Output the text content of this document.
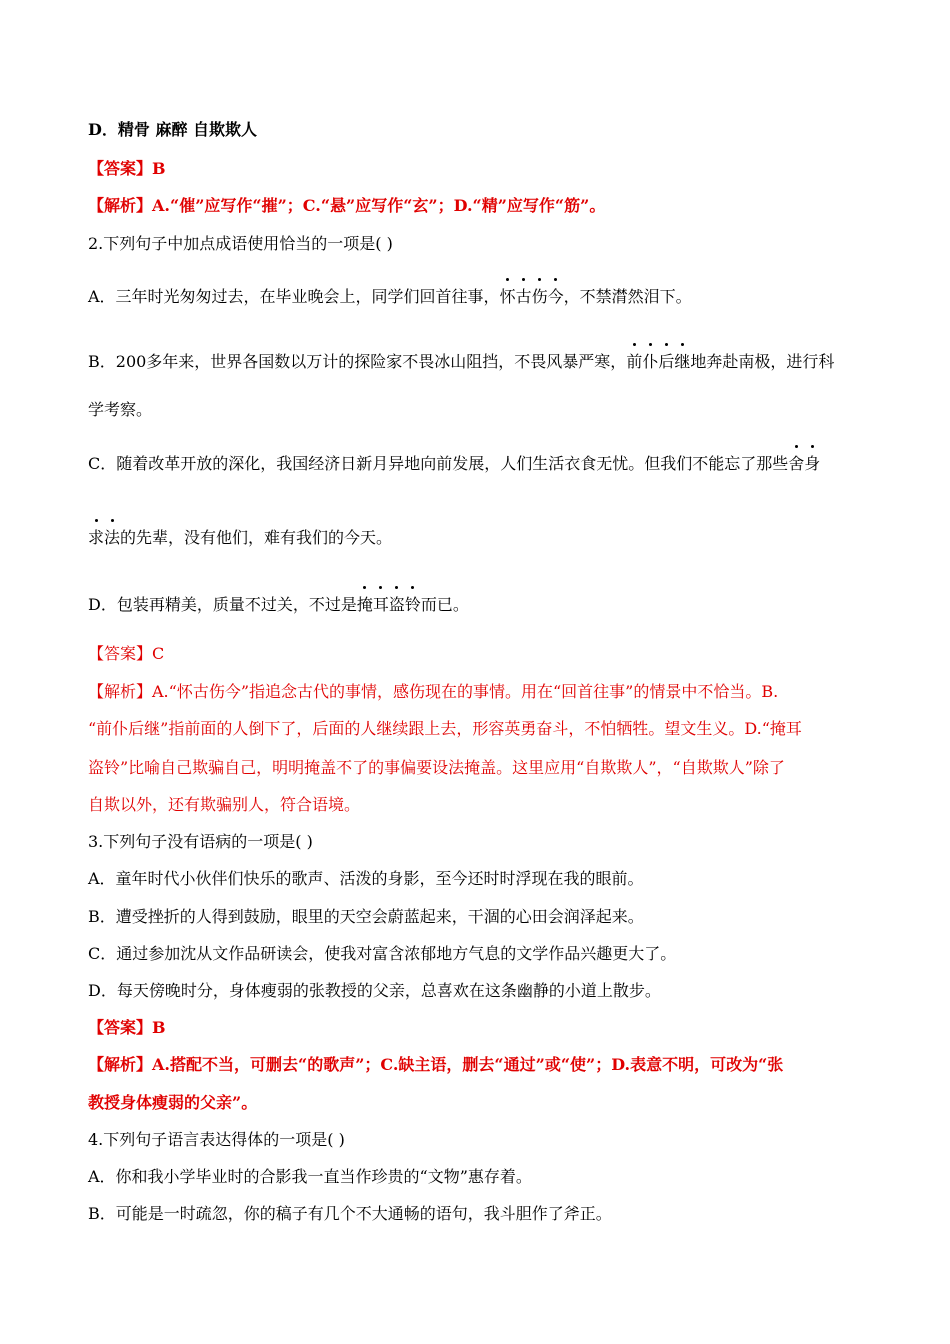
D．精骨 麻醉 自欺欺人
【答案】B
【解析】A.“催”应写作“摧”；C.“悬”应写作“玄”；D.“精”应写作“筋”。
2.下列句子中加点成语使用恰当的一项是( )
A．三年时光匆匆过去，在毕业晚会上，同学们回首往事，怀古伤今，不禁潸然泪下。
B．200多年来，世界各国数以万计的探险家不畏冰山阻挡，不畏风暴严寒，前仆后继地奔赴南极，进行科
学考察。
C．随着改革开放的深化，我国经济日新月异地向前发展，人们生活衣食无忧。但我们不能忘了那些舍身
求法的先辈，没有他们，难有我们的今天。
D．包装再精美，质量不过关，不过是掩耳盗铃而已。
【答案】C
【解析】A.“怀古伤今”指追念古代的事情，感伤现在的事情。用在“回首往事”的情景中不恰当。B.
“前仆后继”指前面的人倒下了，后面的人继续跟上去，形容英勇奋斗，不怕牺牲。望文生义。D.“掩耳
盗铃”比喻自己欺骗自己，明明掩盖不了的事偏要设法掩盖。这里应用“自欺欺人”，“自欺欺人”除了
自欺以外，还有欺骗别人，符合语境。
3.下列句子没有语病的一项是( )
A．童年时代小伙伴们快乐的歌声、活泼的身影，至今还时时浮现在我的眼前。
B．遭受挫折的人得到鼓励，眼里的天空会蔚蓝起来，干涸的心田会润泽起来。
C．通过参加沈从文作品研读会，使我对富含浓郁地方气息的文学作品兴趣更大了。
D．每天傍晚时分，身体瘦弱的张教授的父亲，总喜欢在这条幽静的小道上散步。
【答案】B
【解析】A.搭配不当，可删去“的歌声”；C.缺主语，删去“通过”或“使”；D.表意不明，可改为“张
教授身体瘦弱的父亲”。
4.下列句子语言表达得体的一项是( )
A．你和我小学毕业时的合影我一直当作珍贵的“文物”惠存着。
B．可能是一时疏忽，你的稿子有几个不大通畅的语句，我斗胆作了斧正。
